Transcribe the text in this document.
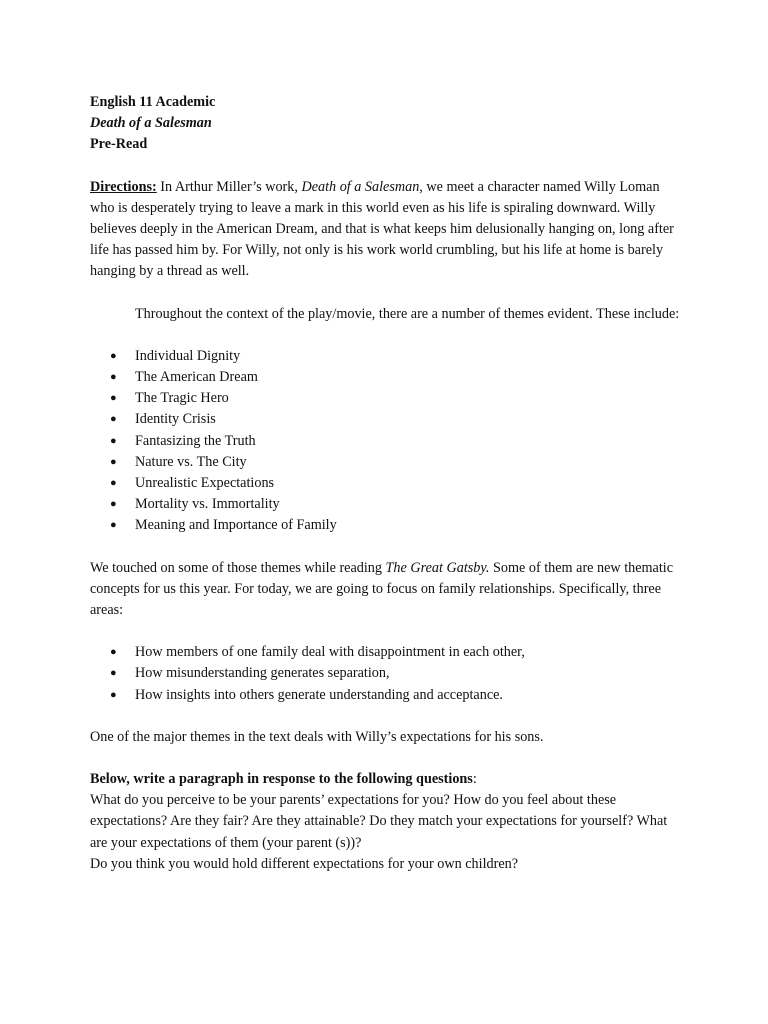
English 11 Academic

Death of a Salesman

Pre-Read

Directions: In Arthur Miller’s work, Death of a Salesman, we meet a character named Willy Loman who is desperately trying to leave a mark in this world even as his life is spiraling downward. Willy believes deeply in the American Dream, and that is what keeps him delusionally hanging on, long after life has passed him by. For Willy, not only is his work world crumbling, but his life at home is barely hanging by a thread as well.

Throughout the context of the play/movie, there are a number of themes evident. These include:

● Individual Dignity
● The American Dream
● The Tragic Hero
● Identity Crisis
● Fantasizing the Truth
● Nature vs. The City
● Unrealistic Expectations
● Mortality vs. Immortality
● Meaning and Importance of Family

We touched on some of those themes while reading The Great Gatsby. Some of them are new thematic concepts for us this year. For today, we are going to focus on family relationships. Specifically, three areas:

● How members of one family deal with disappointment in each other,
● How misunderstanding generates separation,
● How insights into others generate understanding and acceptance.

One of the major themes in the text deals with Willy’s expectations for his sons.

Below, write a paragraph in response to the following questions:

What do you perceive to be your parents’ expectations for you? How do you feel about these expectations? Are they fair? Are they attainable? Do they match your expectations for yourself? What are your expectations of them (your parent (s))?

Do you think you would hold different expectations for your own children?
